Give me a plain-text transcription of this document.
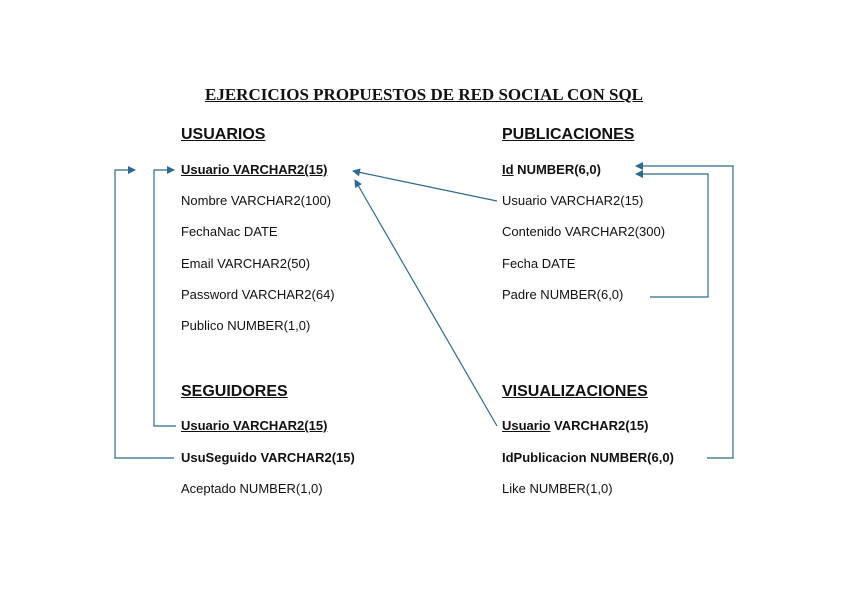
EJERCICIOS PROPUESTOS DE RED SOCIAL CON SQL
USUARIOS
Usuario VARCHAR2(15)
Nombre VARCHAR2(100)
FechaNac DATE
Email VARCHAR2(50)
Password VARCHAR2(64)
Publico NUMBER(1,0)
PUBLICACIONES
Id NUMBER(6,0)
Usuario VARCHAR2(15)
Contenido VARCHAR2(300)
Fecha DATE
Padre NUMBER(6,0)
SEGUIDORES
Usuario VARCHAR2(15)
UsuSeguido VARCHAR2(15)
Aceptado NUMBER(1,0)
VISUALIZACIONES
Usuario VARCHAR2(15)
IdPublicacion NUMBER(6,0)
Like NUMBER(1,0)
